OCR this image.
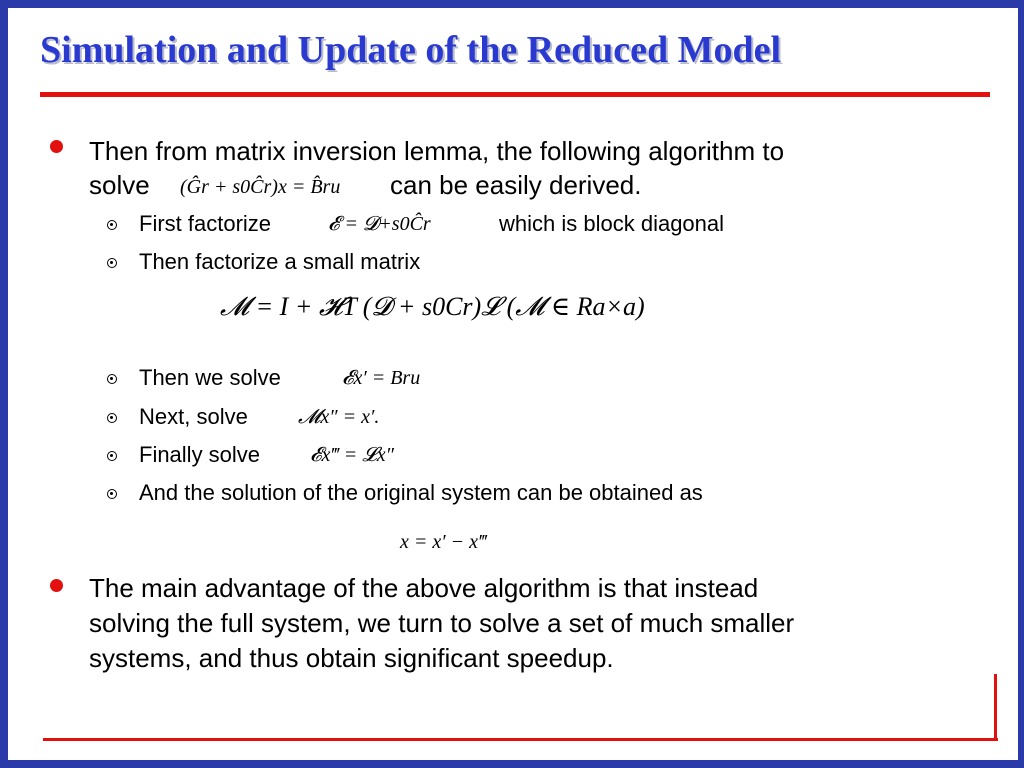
Simulation and Update of the Reduced Model

Then from matrix inversion lemma, the following algorithm to

solve (Ĝr + s0Ĉr)x = B̂ru can be easily derived.
First factorize	𝓔 = 𝓓+s0Ĉr	which is block diagonal
Then factorize a small matrix
𝓜 = I + 𝓗T (𝓓 + s0Cr)𝓛 (𝓜 ∈ Ra×a)
Then we solve	𝓔x′ = Bru
Next, solve	𝓜x″ = x′.
Finally solve 𝓔x‴ = 𝓛x″
And the solution of the original system can be obtained as
x = x′ − x‴

The main advantage of the above algorithm is that instead

solving the full system, we turn to solve a set of much smaller

systems, and thus obtain significant speedup.
